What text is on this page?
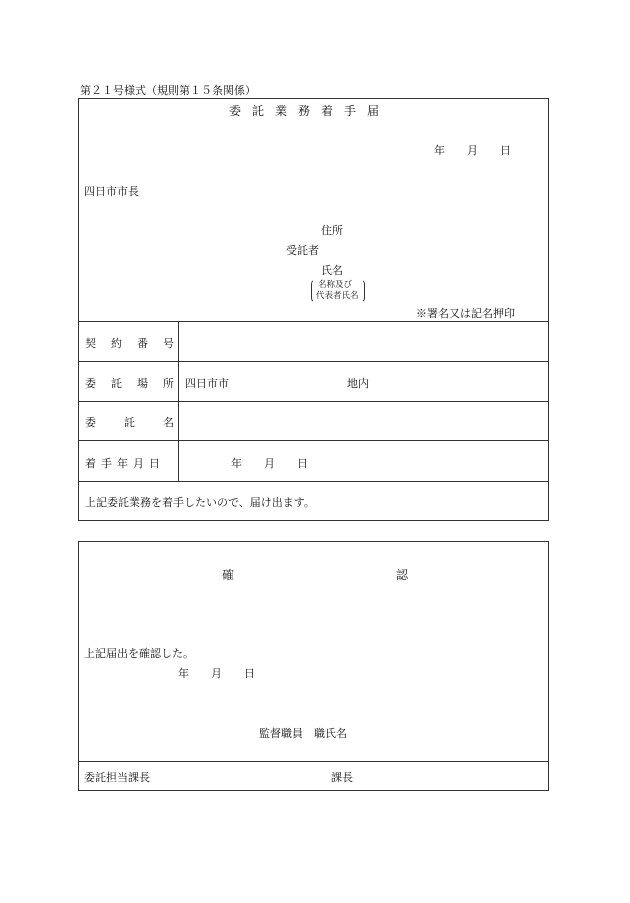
第２１号様式（規則第１５条関係）
委託業務着手届
年　　月　　日
四日市市長
住所
受託者
氏名
名称及び
代表者氏名
※署名又は記名押印
契　約　番　号
委　託　場　所 四日市市	地内
委　　託　　名
着手年月日	年　　月　　日
上記委託業務を着手したいので、届け出ます。
確	認
上記届出を確認した。
年　　月　　日
監督職員　職氏名
委託担当課長	課長
